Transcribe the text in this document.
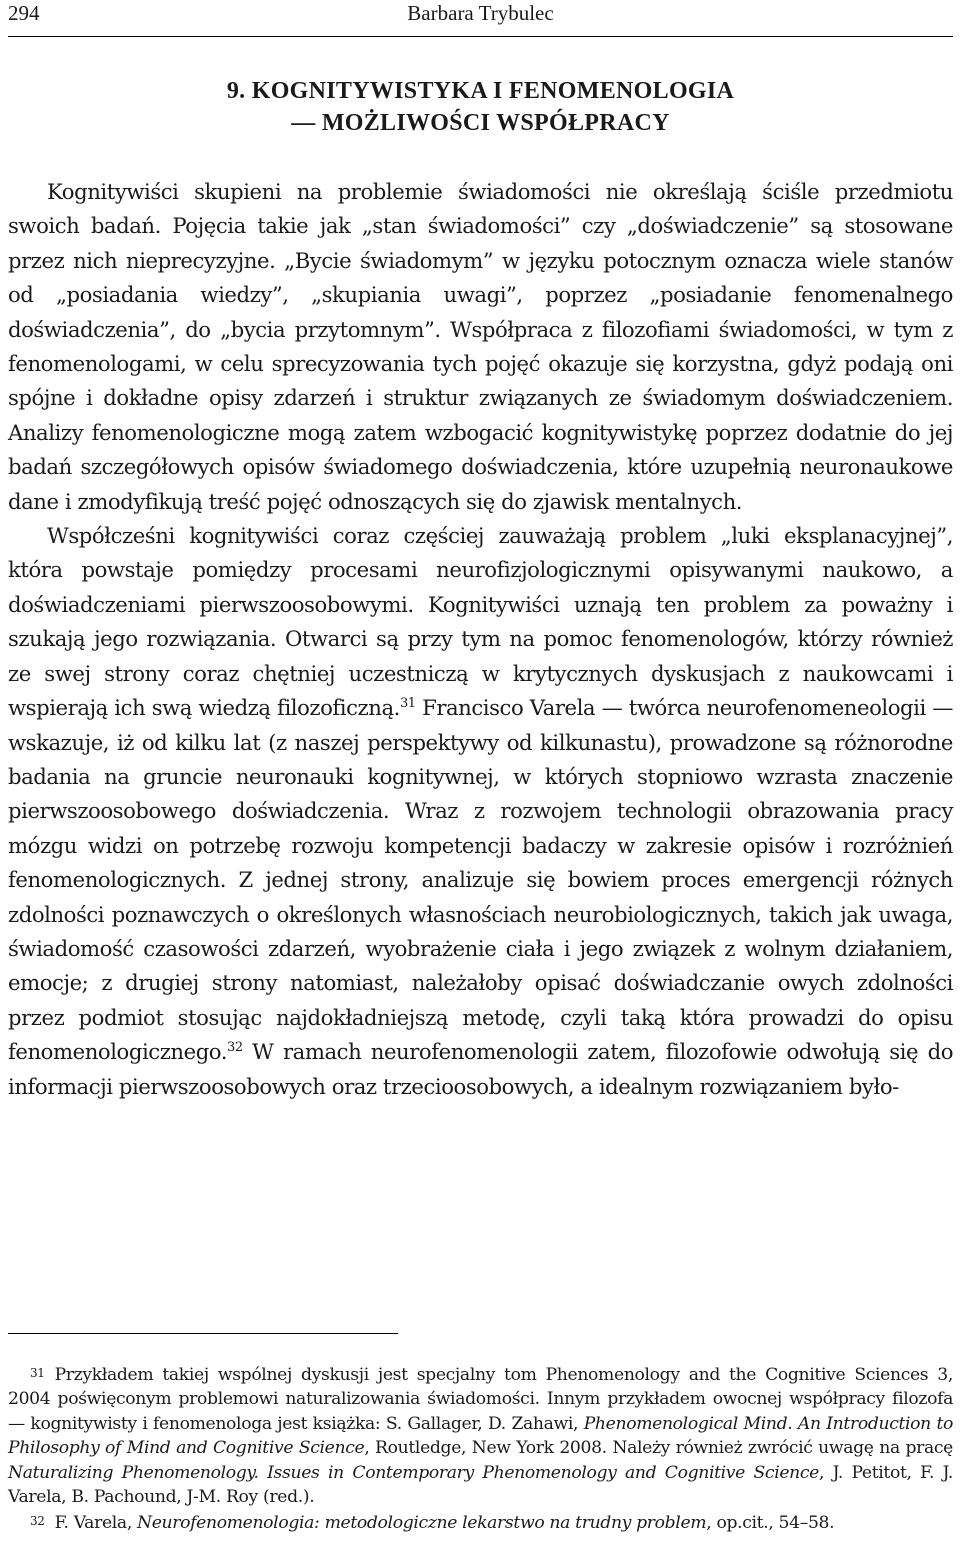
294	Barbara Trybulec
9. KOGNITYWISTYKA I FENOMENOLOGIA
— MOŻLIWOŚCI WSPÓŁPRACY

Kognitywiści skupieni na problemie świadomości nie określają ściśle przedmiotu swoich badań. Pojęcia takie jak „stan świadomości” czy „doświadczenie” są stosowane przez nich nieprecyzyjne. „Bycie świadomym” w języku potocznym oznacza wiele stanów od „posiadania wiedzy”, „skupiania uwagi”, poprzez „posiadanie fenomenalnego doświadczenia”, do „bycia przytomnym”. Współpraca z filozofiami świadomości, w tym z fenomenologami, w celu sprecyzowania tych pojęć okazuje się korzystna, gdyż podają oni spójne i dokładne opisy zdarzeń i struktur związanych ze świadomym doświadczeniem. Analizy fenomenologiczne mogą zatem wzbogacić kognitywistykę poprzez dodatnie do jej badań szczegółowych opisów świadomego doświadczenia, które uzupełnią neuronaukowe dane i zmodyfikują treść pojęć odnoszących się do zjawisk mentalnych.

Współcześni kognitywiści coraz częściej zauważają problem „luki eksplanacyjnej”, która powstaje pomiędzy procesami neurofizjologicznymi opisywanymi naukowo, a doświadczeniami pierwszoosobowymi. Kognitywiści uznają ten problem za poważny i szukają jego rozwiązania. Otwarci są przy tym na pomoc fenomenologów, którzy również ze swej strony coraz chętniej uczestniczą w krytycznych dyskusjach z naukowcami i wspierają ich swą wiedzą filozoficzną.$^{31}$ Francisco Varela — twórca neurofenomeneologii — wskazuje, iż od kilku lat (z naszej perspektywy od kilkunastu), prowadzone są różnorodne badania na gruncie neuronauki kognitywnej, w których stopniowo wzrasta znaczenie pierwszoosobowego doświadczenia. Wraz z rozwojem technologii obrazowania pracy mózgu widzi on potrzebę rozwoju kompetencji badaczy w zakresie opisów i rozróżnień fenomenologicznych. Z jednej strony, analizuje się bowiem proces emergencji różnych zdolności poznawczych o określonych własnościach neurobiologicznych, takich jak uwaga, świadomość czasowości zdarzeń, wyobrażenie ciała i jego związek z wolnym działaniem, emocje; z drugiej strony natomiast, należałoby opisać doświadczanie owych zdolności przez podmiot stosując najdokładniejszą metodę, czyli taką która prowadzi do opisu fenomenologicznego.$^{32}$ W ramach neurofenomenologii zatem, filozofowie odwołują się do informacji pierwszoosobowych oraz trzecioosobowych, a idealnym rozwiązaniem było-

31 Przykładem takiej wspólnej dyskusji jest specjalny tom Phenomenology and the Cognitive Sciences 3, 2004 poświęconym problemowi naturalizowania świadomości. Innym przykładem owocnej współpracy filozofa — kognitywisty i fenomenologa jest książka: S. Gallager, D. Zahawi, Phenomenological Mind. An Introduction to Philosophy of Mind and Cognitive Science, Routledge, New York 2008. Należy również zwrócić uwagę na pracę Naturalizing Phenomenology. Issues in Contemporary Phenomenology and Cognitive Science, J. Petitot, F. J. Varela, B. Pachound, J-M. Roy (red.).

32 F. Varela, Neurofenomenologia: metodologiczne lekarstwo na trudny problem, op.cit., 54–58.
